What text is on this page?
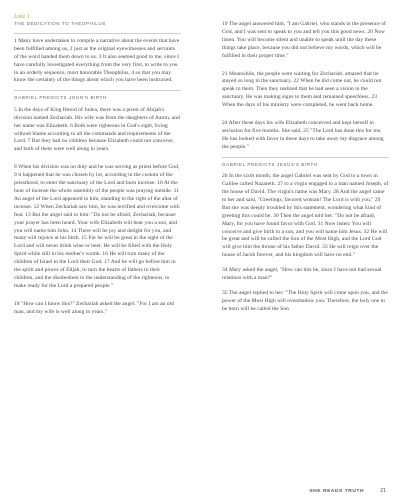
Luke 1
THE DEDICATION TO THEOPHILUS

1 Many have undertaken to compile a narrative about the events that have been fulfilled among us, 2 just as the original eyewitnesses and servants of the word handed them down to us. 3 It also seemed good to me, since I have carefully investigated everything from the very first, to write to you in an orderly sequence, most honorable Theophilus, 4 so that you may know the certainty of the things about which you have been instructed.

GABRIEL PREDICTS JOHN'S BIRTH

5 In the days of King Herod of Judea, there was a priest of Abijah's division named Zechariah. His wife was from the daughters of Aaron, and her name was Elizabeth. 6 Both were righteous in God's sight, living without blame according to all the commands and requirements of the Lord. 7 But they had no children because Elizabeth could not conceive, and both of them were well along in years.

8 When his division was on duty and he was serving as priest before God, 9 it happened that he was chosen by lot, according to the custom of the priesthood, to enter the sanctuary of the Lord and burn incense. 10 At the hour of incense the whole assembly of the people was praying outside. 11 An angel of the Lord appeared to him, standing to the right of the altar of incense. 12 When Zechariah saw him, he was terrified and overcome with fear. 13 But the angel said to him: "Do not be afraid, Zechariah, because your prayer has been heard. Your wife Elizabeth will bear you a son, and you will name him John. 14 There will be joy and delight for you, and many will rejoice at his birth. 15 For he will be great in the sight of the Lord and will never drink wine or beer. He will be filled with the Holy Spirit while still in his mother's womb. 16 He will turn many of the children of Israel to the Lord their God. 17 And he will go before him in the spirit and power of Elijah, to turn the hearts of fathers to their children, and the disobedient to the understanding of the righteous, to make ready for the Lord a prepared people."

18 "How can I know this?" Zechariah asked the angel. "For I am an old man, and my wife is well along in years."

19 The angel answered him, "I am Gabriel, who stands in the presence of God, and I was sent to speak to you and tell you this good news. 20 Now listen. You will become silent and unable to speak until the day these things take place, because you did not believe my words, which will be fulfilled in their proper time."

21 Meanwhile, the people were waiting for Zechariah, amazed that he stayed so long in the sanctuary. 22 When he did come out, he could not speak to them. Then they realized that he had seen a vision in the sanctuary. He was making signs to them and remained speechless. 23 When the days of his ministry were completed, he went back home.

24 After these days his wife Elizabeth conceived and kept herself in seclusion for five months. She said, 25 "The Lord has done this for me. He has looked with favor in these days to take away my disgrace among the people."

GABRIEL PREDICTS JESUS'S BIRTH

26 In the sixth month, the angel Gabriel was sent by God to a town in Galilee called Nazareth, 27 to a virgin engaged to a man named Joseph, of the house of David. The virgin's name was Mary. 28 And the angel came to her and said, "Greetings, favored woman! The Lord is with you." 29 But she was deeply troubled by this statement, wondering what kind of greeting this could be. 30 Then the angel told her: "Do not be afraid, Mary, for you have found favor with God. 31 Now listen: You will conceive and give birth to a son, and you will name him Jesus. 32 He will be great and will be called the Son of the Most High, and the Lord God will give him the throne of his father David. 33 He will reign over the house of Jacob forever, and his kingdom will have no end."

34 Mary asked the angel, "How can this be, since I have not had sexual relations with a man?"

35 The angel replied to her: "The Holy Spirit will come upon you, and the power of the Most High will overshadow you. Therefore, the holy one to be born will be called the Son

SHE READS TRUTH	21
